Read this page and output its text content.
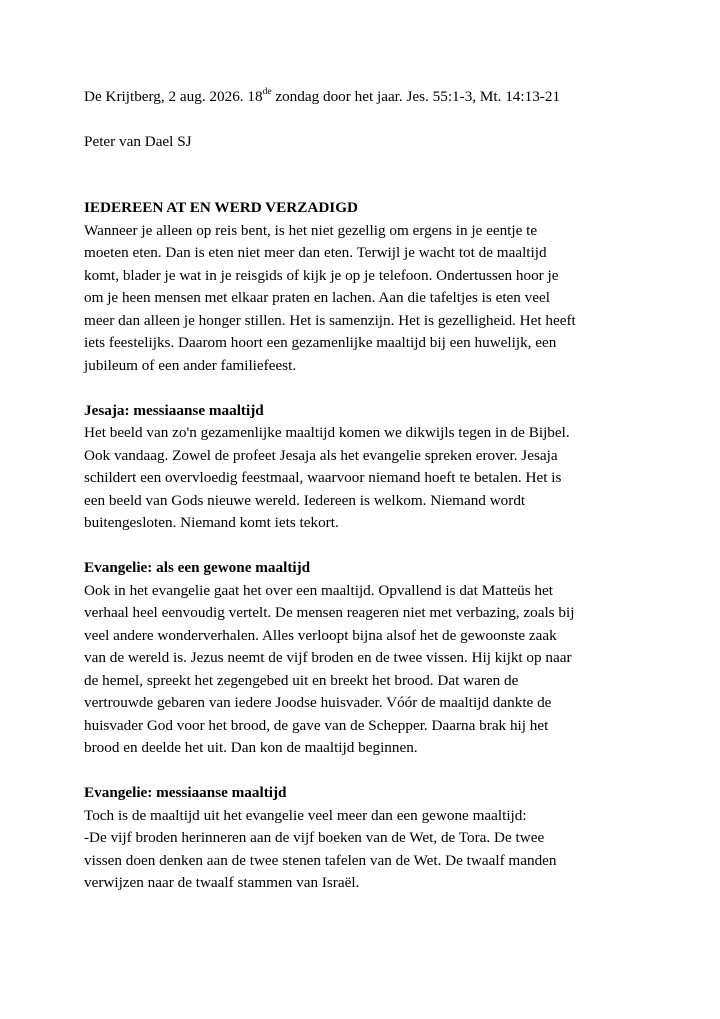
De Krijtberg, 2 aug. 2026. 18de zondag door het jaar. Jes. 55:1-3, Mt. 14:13-21
Peter van Dael SJ
IEDEREEN AT EN WERD VERZADIGD
Wanneer je alleen op reis bent, is het niet gezellig om ergens in je eentje te
moeten eten. Dan is eten niet meer dan eten. Terwijl je wacht tot de maaltijd
komt, blader je wat in je reisgids of kijk je op je telefoon. Ondertussen hoor je
om je heen mensen met elkaar praten en lachen. Aan die tafeltjes is eten veel
meer dan alleen je honger stillen. Het is samenzijn. Het is gezelligheid. Het heeft
iets feestelijks. Daarom hoort een gezamenlijke maaltijd bij een huwelijk, een
jubileum of een ander familiefeest.
Jesaja: messiaanse maaltijd
Het beeld van zo'n gezamenlijke maaltijd komen we dikwijls tegen in de Bijbel.
Ook vandaag. Zowel de profeet Jesaja als het evangelie spreken erover. Jesaja
schildert een overvloedig feestmaal, waarvoor niemand hoeft te betalen. Het is
een beeld van Gods nieuwe wereld. Iedereen is welkom. Niemand wordt
buitengesloten. Niemand komt iets tekort.
Evangelie: als een gewone maaltijd
Ook in het evangelie gaat het over een maaltijd. Opvallend is dat Matteüs het
verhaal heel eenvoudig vertelt. De mensen reageren niet met verbazing, zoals bij
veel andere wonderverhalen. Alles verloopt bijna alsof het de gewoonste zaak
van de wereld is. Jezus neemt de vijf broden en de twee vissen. Hij kijkt op naar
de hemel, spreekt het zegengebed uit en breekt het brood. Dat waren de
vertrouwde gebaren van iedere Joodse huisvader. Vóór de maaltijd dankte de
huisvader God voor het brood, de gave van de Schepper. Daarna brak hij het
brood en deelde het uit. Dan kon de maaltijd beginnen.
Evangelie: messiaanse maaltijd
Toch is de maaltijd uit het evangelie veel meer dan een gewone maaltijd:
-De vijf broden herinneren aan de vijf boeken van de Wet, de Tora. De twee
vissen doen denken aan de twee stenen tafelen van de Wet. De twaalf manden
verwijzen naar de twaalf stammen van Israël.
